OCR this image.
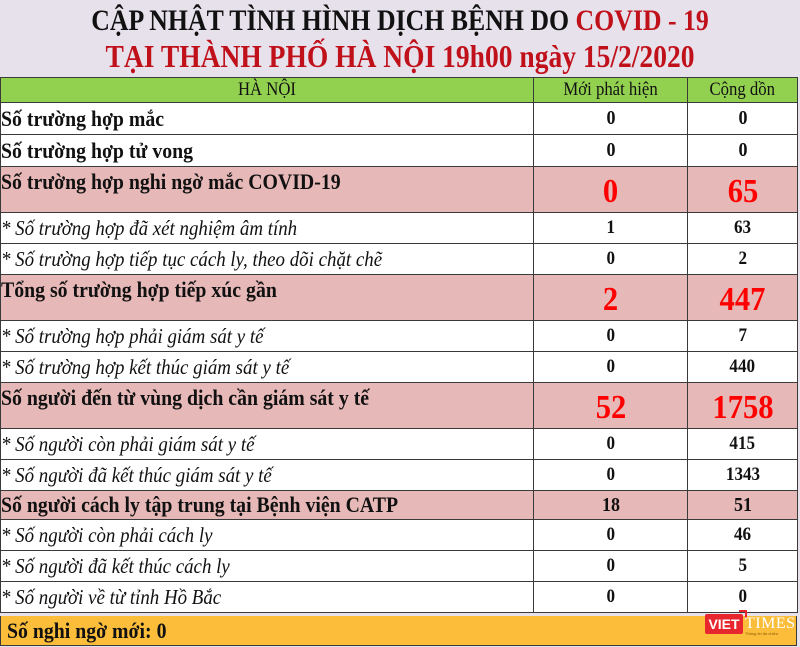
CẬP NHẬT TÌNH HÌNH DỊCH BỆNH DO COVID - 19
TẠI THÀNH PHỐ HÀ NỘI 19h00 ngày 15/2/2020
HÀ NỘI	Mới phát hiện	Cộng dồn
Số trường hợp mắc	0	0
Số trường hợp tử vong	0	0
Số trường hợp nghi ngờ mắc COVID-19	0	65
* Số trường hợp đã xét nghiệm âm tính	1	63
* Số trường hợp tiếp tục cách ly, theo dõi chặt chẽ	0	2
Tổng số trường hợp tiếp xúc gần	2	447
* Số trường hợp phải giám sát y tế	0	7
* Số trường hợp kết thúc giám sát y tế	0	440
Số người đến từ vùng dịch cần giám sát y tế	52	1758
* Số người còn phải giám sát y tế	0	415
* Số người đã kết thúc giám sát y tế	0	1343
Số người cách ly tập trung tại Bệnh viện CATP	18	51
* Số người còn phải cách ly	0	46
* Số người đã kết thúc cách ly	0	5
* Số người về từ tỉnh Hồ Bắc	0	0
Số nghi ngờ mới: 0	VIET TIMES
Thông tin đa chiều
